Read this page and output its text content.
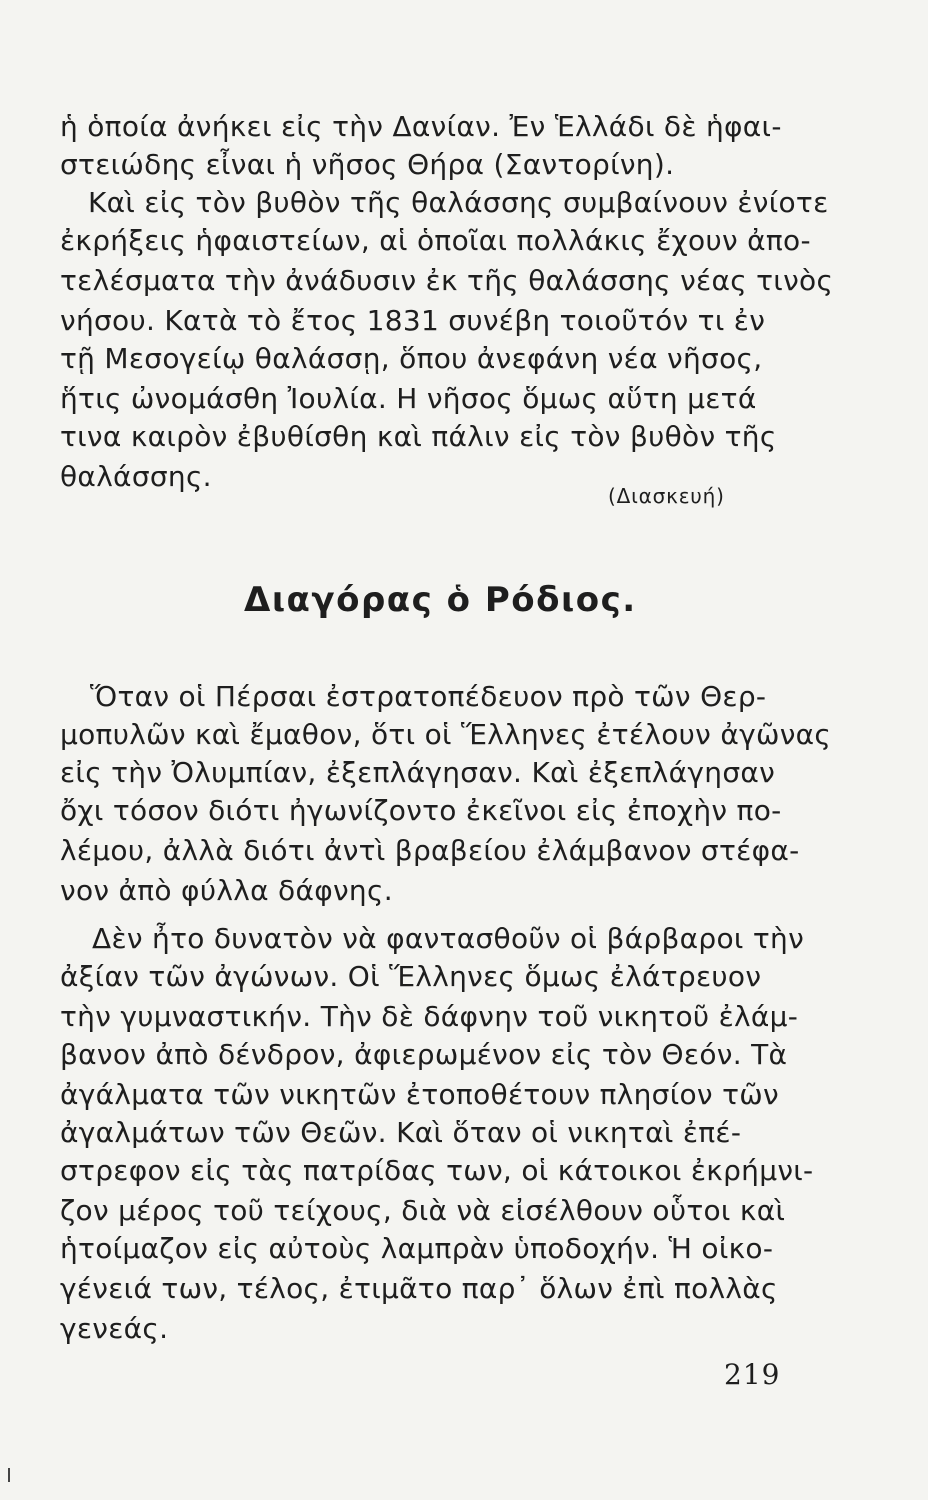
ἡ ὁποία ἀνήκει εἰς τὴν Δανίαν. Ἐν Ἑλλάδι δὲ ἡφαι-
στειώδης εἶναι ἡ νῆσος Θήρα (Σαντορίνη).
Καὶ εἰς τὸν βυθὸν τῆς θαλάσσης συμβαίνουν ἐνίοτε
ἐκρήξεις ἡφαιστείων, αἱ ὁποῖαι πολλάκις ἔχουν ἀπο-
τελέσματα τὴν ἀνάδυσιν ἐκ τῆς θαλάσσης νέας τινὸς
νήσου. Κατὰ τὸ ἔτος 1831 συνέβη τοιοῦτόν τι ἐν
τῇ Μεσογείῳ θαλάσσῃ, ὅπου ἀνεφάνη νέα νῆσος,
ἥτις ὠνομάσθη Ἰουλία. Η νῆσος ὅμως αὕτη μετά
τινα καιρὸν ἐβυθίσθη καὶ πάλιν εἰς τὸν βυθὸν τῆς
θαλάσσης.
(Διασκευή)
Διαγόρας ὁ Ρόδιος.
Ὅταν οἱ Πέρσαι ἐστρατοπέδευον πρὸ τῶν Θερ-
μοπυλῶν καὶ ἔμαθον, ὅτι οἱ Ἕλληνες ἐτέλουν ἀγῶνας
εἰς τὴν Ὀλυμπίαν, ἐξεπλάγησαν. Καὶ ἐξεπλάγησαν
ὄχι τόσον διότι ἠγωνίζοντο ἐκεῖνοι εἰς ἐποχὴν πο-
λέμου, ἀλλὰ διότι ἀντὶ βραβείου ἐλάμβανον στέφα-
νον ἀπὸ φύλλα δάφνης.
Δὲν ἦτο δυνατὸν νὰ φαντασθοῦν οἱ βάρβαροι τὴν
ἀξίαν τῶν ἀγώνων. Οἱ Ἕλληνες ὅμως ἐλάτρευον
τὴν γυμναστικήν. Τὴν δὲ δάφνην τοῦ νικητοῦ ἐλάμ-
βανον ἀπὸ δένδρον, ἀφιερωμένον εἰς τὸν Θεόν. Τὰ
ἀγάλματα τῶν νικητῶν ἐτοποθέτουν πλησίον τῶν
ἀγαλμάτων τῶν Θεῶν. Καὶ ὅταν οἱ νικηταὶ ἐπέ-
στρεφον εἰς τὰς πατρίδας των, οἱ κάτοικοι ἐκρήμνι-
ζον μέρος τοῦ τείχους, διὰ νὰ εἰσέλθουν οὗτοι καὶ
ἡτοίμαζον εἰς αὐτοὺς λαμπρὰν ὑποδοχήν. Ἡ οἰκο-
γένειά των, τέλος, ἐτιμᾶτο παρ᾽ ὅλων ἐπὶ πολλὰς
γενεάς.
219
